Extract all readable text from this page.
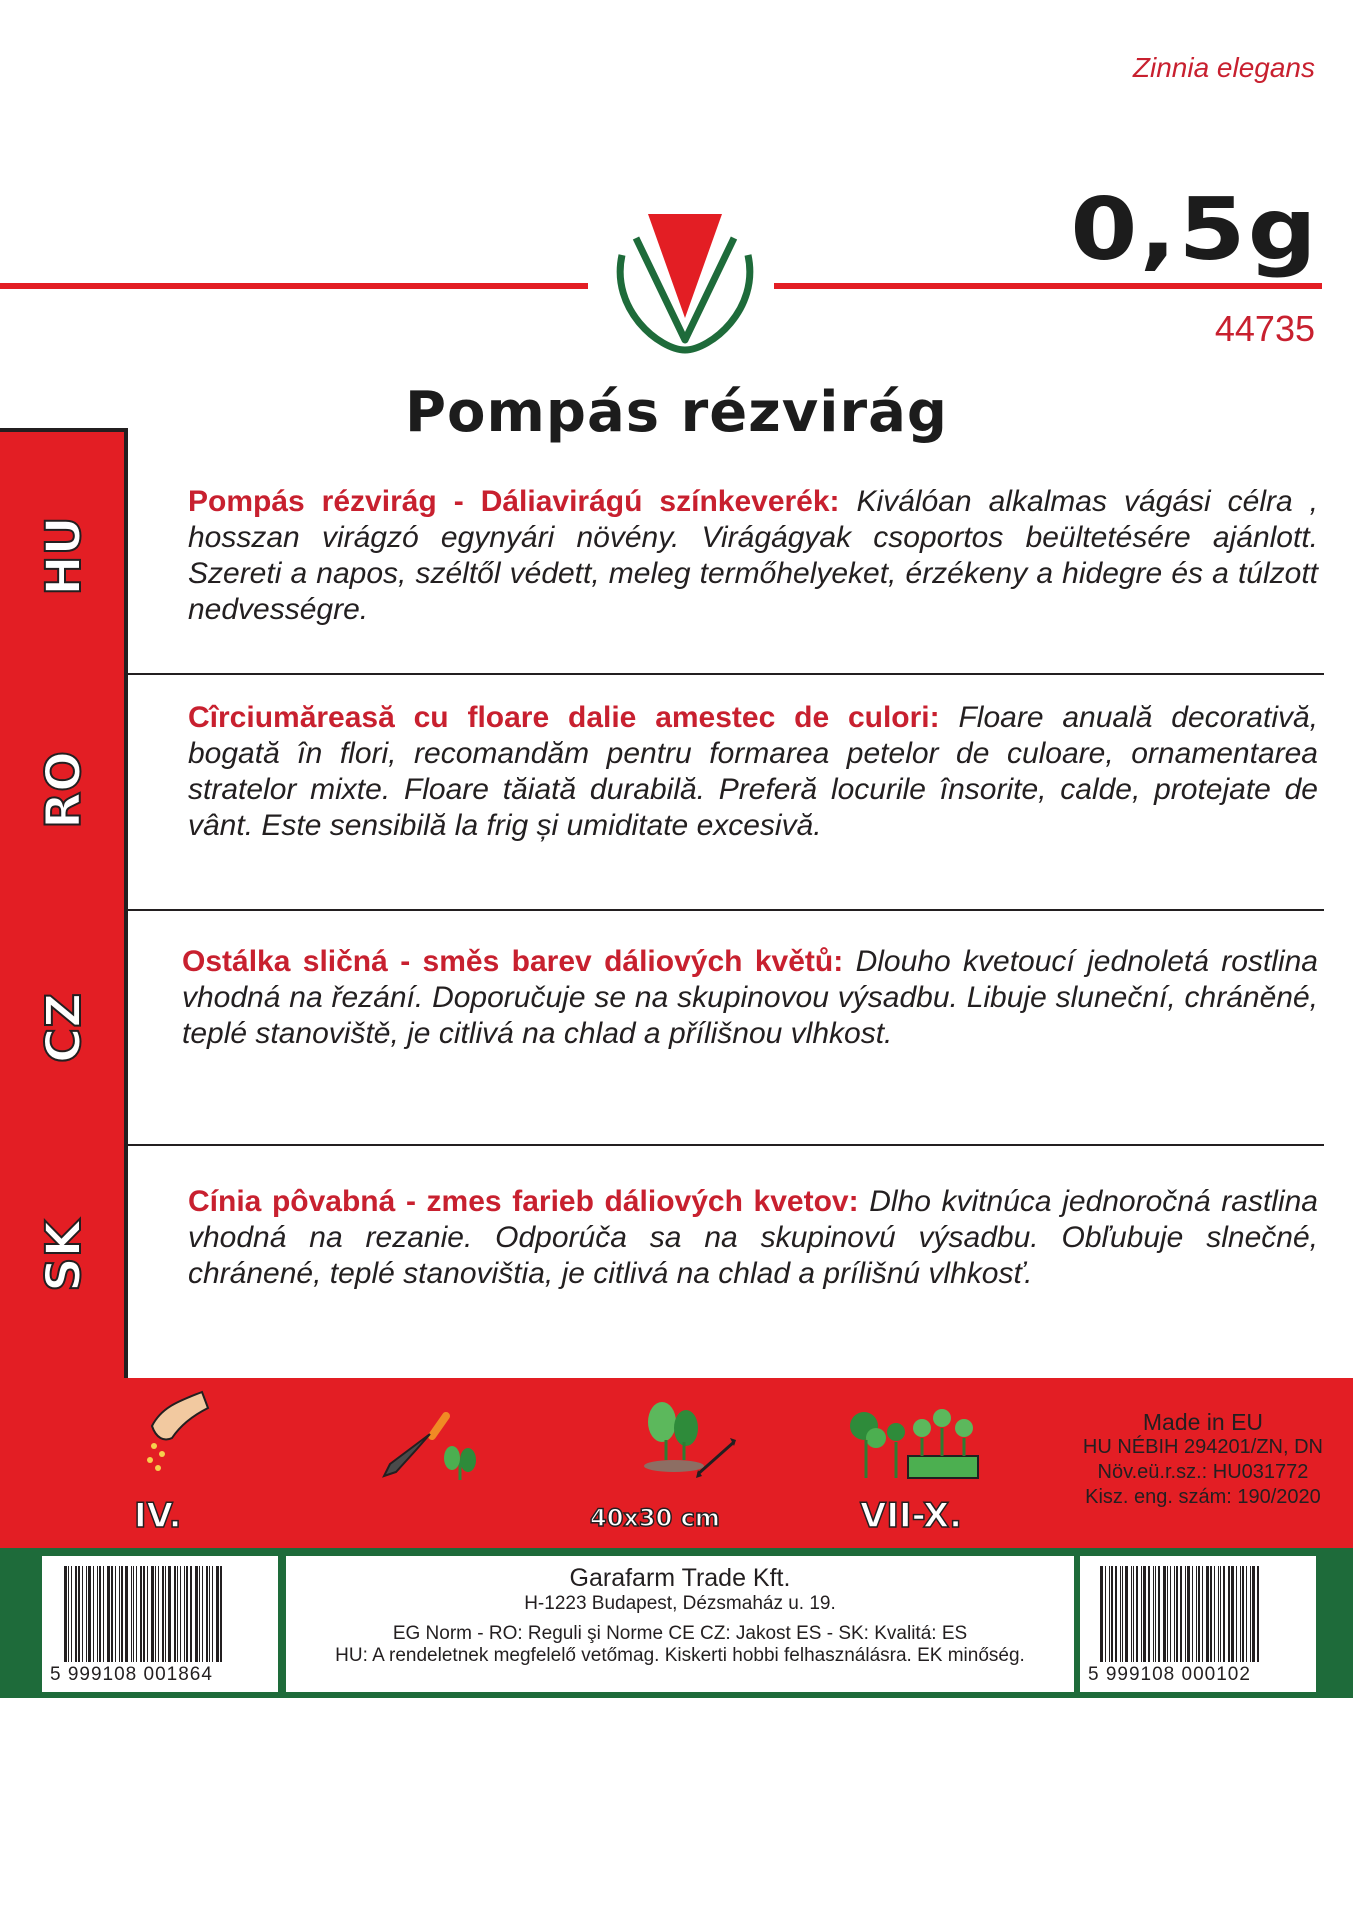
Zinnia elegans
0,5g
44735
Pompás rézvirág
HU
RO
CZ
SK
Pompás rézvirág - Dáliavirágú színkeverék: Kiválóan alkalmas vágási célra , hosszan virágzó egynyári növény. Virágágyak csoportos beültetésére ajánlott. Szereti a napos, széltől védett, meleg termőhelyeket, érzékeny a hidegre és a túlzott nedvességre.
Cîrciumăreasă cu floare dalie amestec de culori: Floare anuală decorativă, bogată în flori, recomandăm pentru formarea petelor de culoare, ornamentarea stratelor mixte. Floare tăiată durabilă. Preferă locurile însorite, calde, protejate de vânt. Este sensibilă la frig și umiditate excesivă.
Ostálka sličná - směs barev dáliových květů: Dlouho kvetoucí jednoletá rostlina vhodná na řezání. Doporučuje se na skupinovou výsadbu. Libuje sluneční, chráněné, teplé stanoviště, je citlivá na chlad a přílišnou vlhkost.
Cínia pôvabná - zmes farieb dáliových kvetov: Dlho kvitnúca jednoročná rastlina vhodná na rezanie. Odporúča sa na skupinovú výsadbu. Obľubuje slnečné, chránené, teplé stanovištia, je citlivá na chlad a prílišnú vlhkosť.
IV.	40x30 cm	VII-X.
Made in EU
HU NÉBIH 294201/ZN, DN
Növ.eü.r.sz.: HU031772
Kisz. eng. szám: 190/2020
5 999108 001864
Garafarm Trade Kft.
H-1223 Budapest, Dézsmaház u. 19.
EG Norm - RO: Reguli şi Norme CE CZ: Jakost ES - SK: Kvalitá: ES
HU: A rendeletnek megfelelő vetőmag. Kiskerti hobbi felhasználásra. EK minőség.
5 999108 000102
